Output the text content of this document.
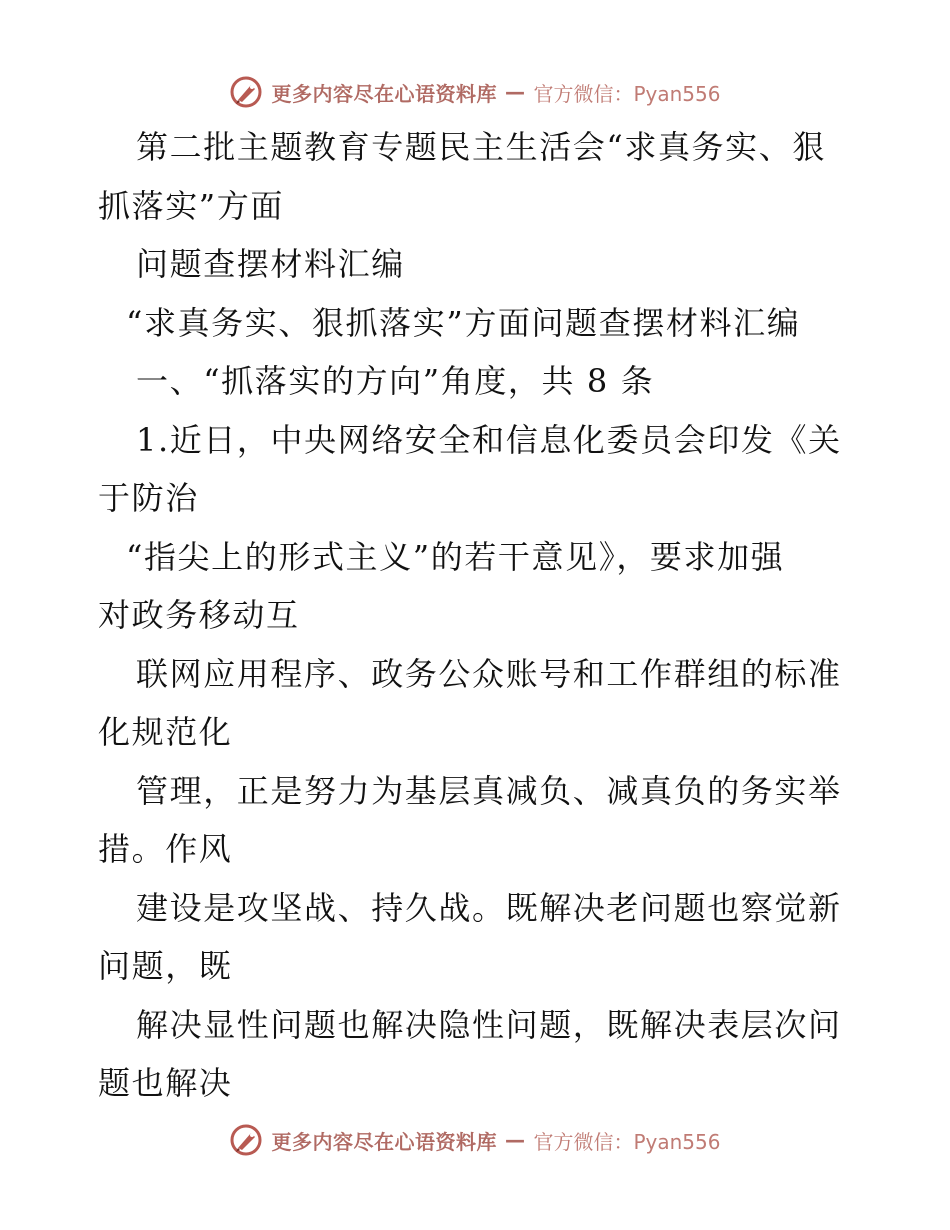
更多内容尽在心语资料库 — 官方微信：Pyan556
第二批主题教育专题民主生活会“求真务实、狠
抓落实”方面
问题查摆材料汇编
“求真务实、狠抓落实”方面问题查摆材料汇编
一、“抓落实的方向”角度，共 8 条
1.近日，中央网络安全和信息化委员会印发《关
于防治
“指尖上的形式主义”的若干意见》，要求加强
对政务移动互
联网应用程序、政务公众账号和工作群组的标准
化规范化
管理，正是努力为基层真减负、减真负的务实举
措。作风
建设是攻坚战、持久战。既解决老问题也察觉新
问题，既
解决显性问题也解决隐性问题，既解决表层次问
题也解决
更多内容尽在心语资料库 — 官方微信：Pyan556
